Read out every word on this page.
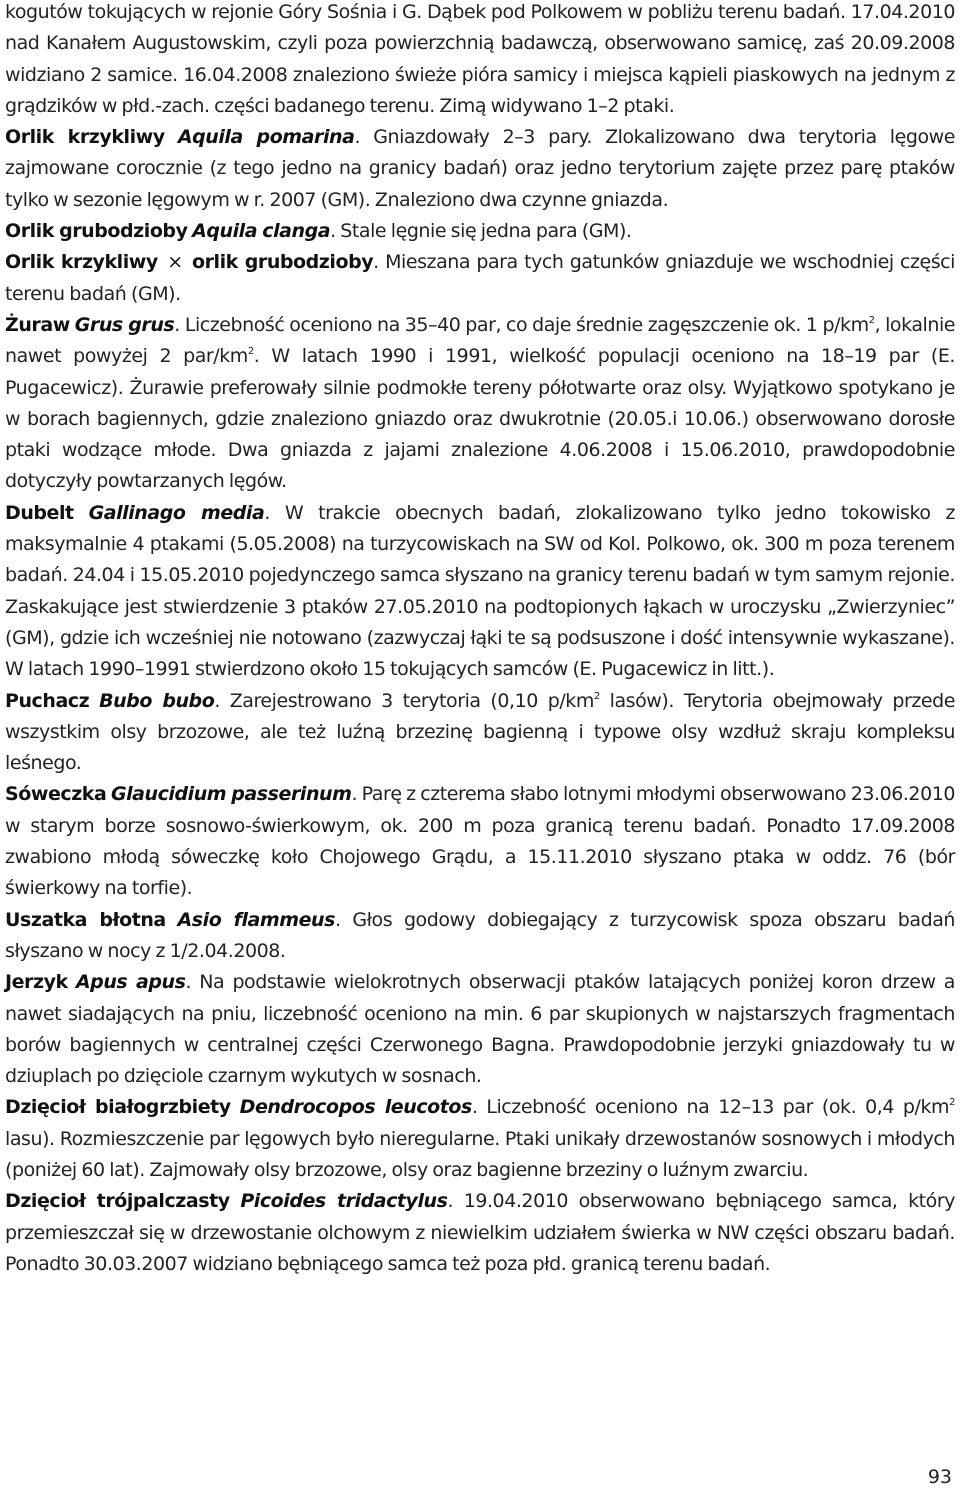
kogutów tokujących w rejonie Góry Sośnia i G. Dąbek pod Polkowem w pobliżu terenu badań. 17.04.2010 nad Kanałem Augustowskim, czyli poza powierzchnią badawczą, obserwowano samicę, zaś 20.09.2008 widziano 2 samice. 16.04.2008 znaleziono świeże pióra samicy i miejsca kąpieli piaskowych na jednym z grądzików w płd.-zach. części badanego terenu. Zimą widywano 1–2 ptaki.

Orlik krzykliwy Aquila pomarina. Gniazdowały 2–3 pary. Zlokalizowano dwa terytoria lęgowe zajmowane corocznie (z tego jedno na granicy badań) oraz jedno terytorium zajęte przez parę ptaków tylko w sezonie lęgowym w r. 2007 (GM). Znaleziono dwa czynne gniazda.

Orlik grubodzioby Aquila clanga. Stale lęgnie się jedna para (GM).

Orlik krzykliwy × orlik grubodzioby. Mieszana para tych gatunków gniazduje we wschodniej części terenu badań (GM).

Żuraw Grus grus. Liczebność oceniono na 35–40 par, co daje średnie zagęszczenie ok. 1 $p/km^2$, lokalnie nawet powyżej 2 par/$km^2$. W latach 1990 i 1991, wielkość populacji oceniono na 18–19 par (E. Pugacewicz). Żurawie preferowały silnie podmokłe tereny półotwarte oraz olsy. Wyjątkowo spotykano je w borach bagiennych, gdzie znaleziono gniazdo oraz dwukrotnie (20.05.i 10.06.) obserwowano dorosłe ptaki wodzące młode. Dwa gniazda z jajami znalezione 4.06.2008 i 15.06.2010, prawdopodobnie dotyczyły powtarzanych lęgów.

Dubelt Gallinago media. W trakcie obecnych badań, zlokalizowano tylko jedno tokowisko z maksymalnie 4 ptakami (5.05.2008) na turzycowiskach na SW od Kol. Polkowo, ok. 300 m poza terenem badań. 24.04 i 15.05.2010 pojedynczego samca słyszano na granicy terenu badań w tym samym rejonie. Zaskakujące jest stwierdzenie 3 ptaków 27.05.2010 na podtopionych łąkach w uroczysku „Zwierzyniec” (GM), gdzie ich wcześniej nie notowano (zazwyczaj łąki te są podsuszone i dość intensywnie wykaszane). W latach 1990–1991 stwierdzono około 15 tokujących samców (E. Pugacewicz in litt.).

Puchacz Bubo bubo. Zarejestrowano 3 terytoria (0,10 $p/km^2$ lasów). Terytoria obejmowały przede wszystkim olsy brzozowe, ale też luźną brzezinę bagienną i typowe olsy wzdłuż skraju kompleksu leśnego.

Sóweczka Glaucidium passerinum. Parę z czterema słabo lotnymi młodymi obserwowano 23.06.2010 w starym borze sosnowo-świerkowym, ok. 200 m poza granicą terenu badań. Ponadto 17.09.2008 zwabiono młodą sóweczkę koło Chojowego Grądu, a 15.11.2010 słyszano ptaka w oddz. 76 (bór świerkowy na torfie).

Uszatka błotna Asio flammeus. Głos godowy dobiegający z turzycowisk spoza obszaru badań słyszano w nocy z 1/2.04.2008.

Jerzyk Apus apus. Na podstawie wielokrotnych obserwacji ptaków latających poniżej koron drzew a nawet siadających na pniu, liczebność oceniono na min. 6 par skupionych w najstarszych fragmentach borów bagiennych w centralnej części Czerwonego Bagna. Prawdopodobnie jerzyki gniazdowały tu w dziuplach po dzięciole czarnym wykutych w sosnach.

Dzięcioł białogrzbiety Dendrocopos leucotos. Liczebność oceniono na 12–13 par (ok. 0,4 $p/km^2$ lasu). Rozmieszczenie par lęgowych było nieregularne. Ptaki unikały drzewostanów sosnowych i młodych (poniżej 60 lat). Zajmowały olsy brzozowe, olsy oraz bagienne brzeziny o luźnym zwarciu.

Dzięcioł trójpalczasty Picoides tridactylus. 19.04.2010 obserwowano bębniącego samca, który przemieszczał się w drzewostanie olchowym z niewielkim udziałem świerka w NW części obszaru badań. Ponadto 30.03.2007 widziano bębniącego samca też poza płd. granicą terenu badań.

93
